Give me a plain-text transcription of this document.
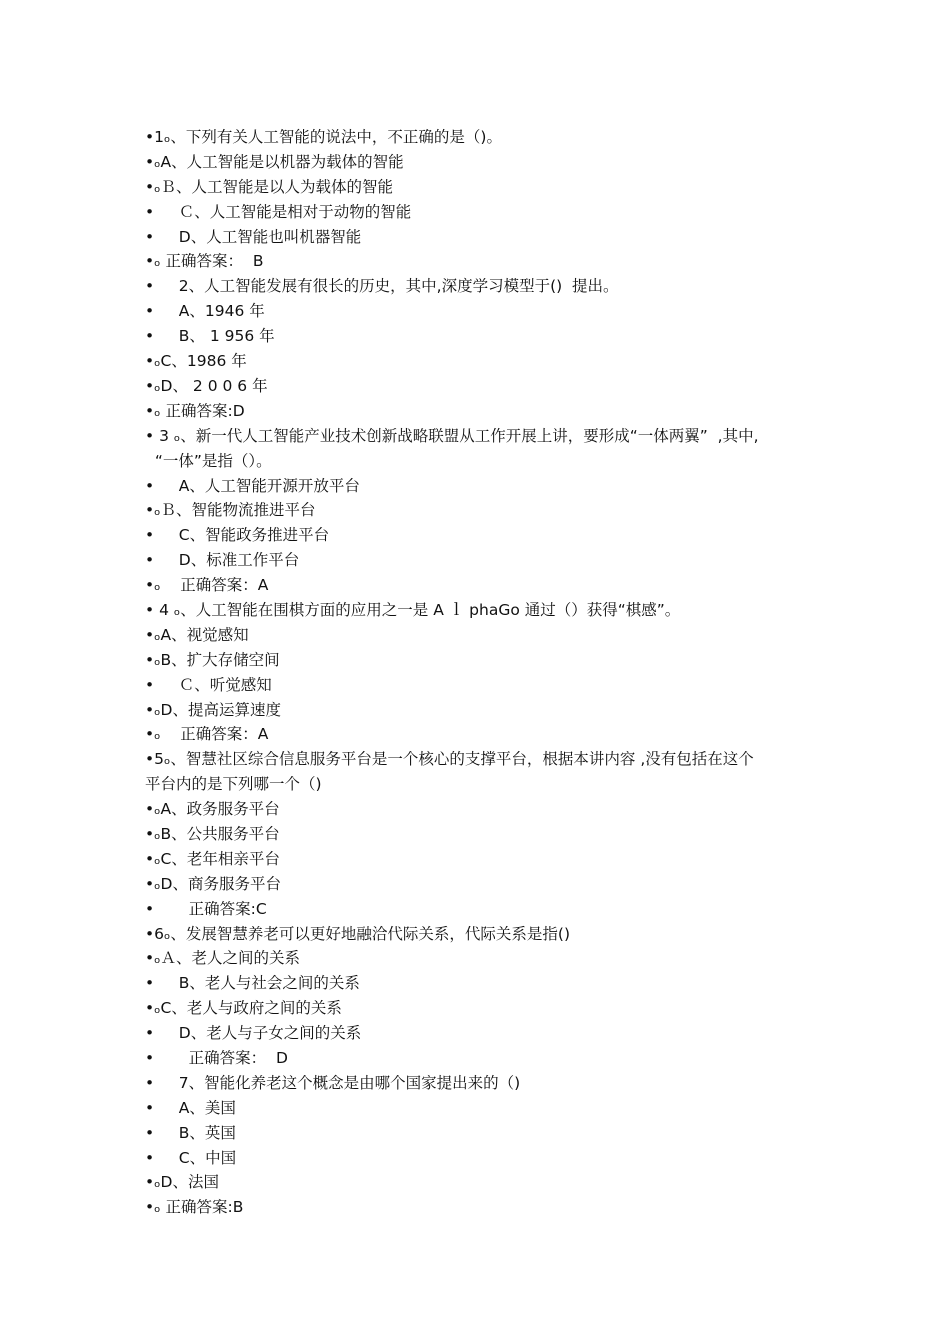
•1ₒ、下列有关人工智能的说法中，不正确的是（)。
•ₒA、人工智能是以机器为载体的智能
•ₒＢ、人工智能是以人为载体的智能
•     Ｃ、人工智能是相对于动物的智能
•     D、人工智能也叫机器智能
•ₒ 正确答案：  B
•     2、人工智能发展有很长的历史，其中,深度学习模型于()  提出。
•     A、1946 年
•     B、 1 956 年
•ₒC、1986 年
•ₒD、 2 0 0 6 年
•ₒ 正确答案:D
• 3 ₒ、新一代人工智能产业技术创新战略联盟从工作开展上讲，要形成“一体两翼”  ,其中,
“一体”是指（）。
•     A、人工智能开源开放平台
•ₒＢ、智能物流推进平台
•     C、智能政务推进平台
•     D、标准工作平台
•ₒ    正确答案：A
• 4 ₒ、人工智能在围棋方面的应用之一是 A ｌ phaGo 通过（）获得“棋感”。
•ₒA、视觉感知
•ₒB、扩大存储空间
•     Ｃ、听觉感知
•ₒD、提高运算速度
•ₒ    正确答案：A
•5ₒ、智慧社区综合信息服务平台是一个核心的支撑平台，根据本讲内容 ,没有包括在这个
平台内的是下列哪一个（)
•ₒA、政务服务平台
•ₒB、公共服务平台
•ₒC、老年相亲平台
•ₒD、商务服务平台
•       正确答案:C
•6ₒ、发展智慧养老可以更好地融洽代际关系，代际关系是指()
•ₒＡ、老人之间的关系
•     B、老人与社会之间的关系
•ₒC、老人与政府之间的关系
•     D、老人与子女之间的关系
•       正确答案：  D
•     7、智能化养老这个概念是由哪个国家提出来的（)
•     A、美国
•     B、英国
•     C、中国
•ₒD、法国
•ₒ 正确答案:B
